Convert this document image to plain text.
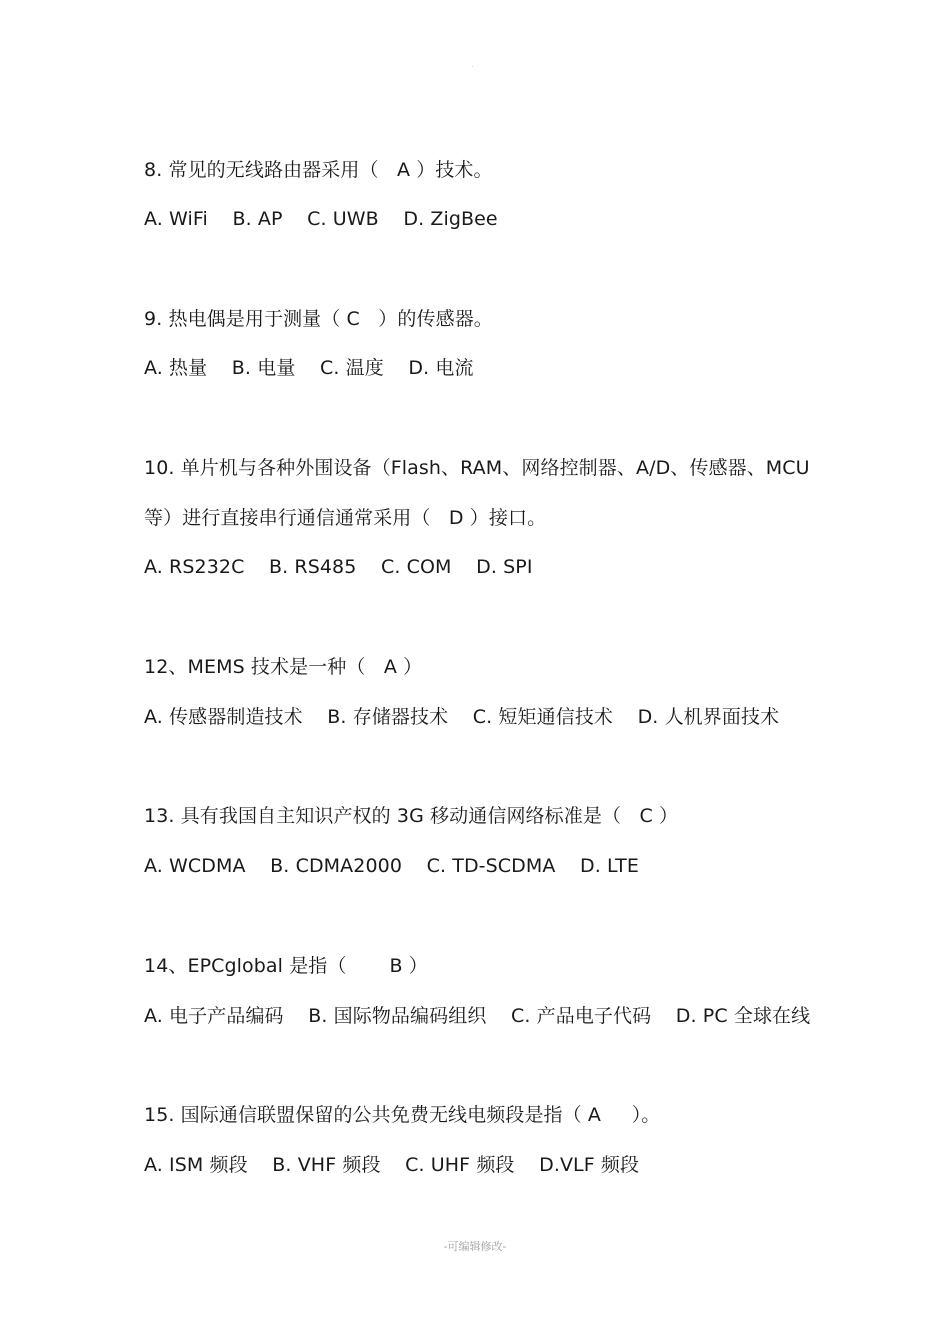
.
8. 常见的无线路由器采用（   A ）技术。
A. WiFi    B. AP    C. UWB    D. ZigBee
9. 热电偶是用于测量（ C   ）的传感器。
A. 热量    B. 电量    C. 温度    D. 电流
10. 单片机与各种外围设备（Flash、RAM、网络控制器、A/D、传感器、MCU
等）进行直接串行通信通常采用（   D ）接口。
A. RS232C    B. RS485    C. COM    D. SPI
12、MEMS 技术是一种（   A ）
A. 传感器制造技术    B. 存储器技术    C. 短矩通信技术    D. 人机界面技术
13. 具有我国自主知识产权的 3G 移动通信网络标准是（   C ）
A. WCDMA    B. CDMA2000    C. TD-SCDMA    D. LTE
14、EPCglobal 是指（       B ）
A. 电子产品编码    B. 国际物品编码组织    C. 产品电子代码    D. PC 全球在线
15. 国际通信联盟保留的公共免费无线电频段是指（ A     ）。
A. ISM 频段    B. VHF 频段    C. UHF 频段    D.VLF 频段
-可编辑修改-
